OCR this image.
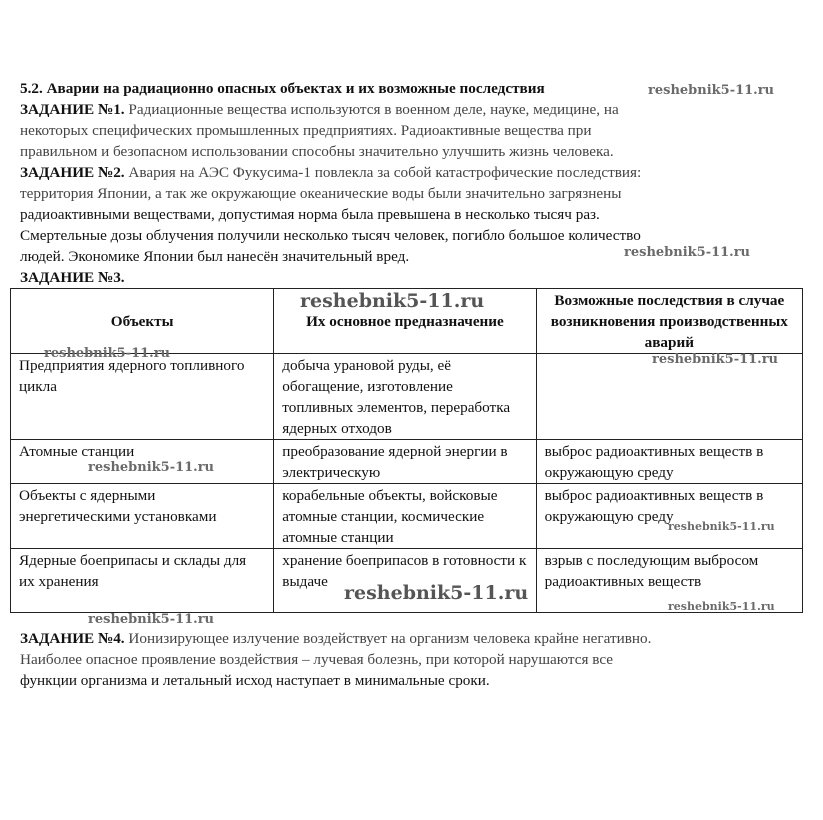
5.2. Аварии на радиационно опасных объектах и их возможные последствия
ЗАДАНИЕ №1. Радиационные вещества используются в военном деле, науке, медицине, на
некоторых специфических промышленных предприятиях. Радиоактивные вещества при
правильном и безопасном использовании способны значительно улучшить жизнь человека.
ЗАДАНИЕ №2. Авария на АЭС Фукусима-1 повлекла за собой катастрофические последствия:
территория Японии, а так же окружающие океанические воды были значительно загрязнены
радиоактивными веществами, допустимая норма была превышена в несколько тысяч раз.
Смертельные дозы облучения получили несколько тысяч человек, погибло большое количество
людей. Экономике Японии был нанесён значительный вред.
ЗАДАНИЕ №3.
Объекты	Их основное предназначение	Возможные последствия в случае возникновения производственных аварий
Предприятия ядерного топливного цикла	добыча урановой руды, её обогащение, изготовление топливных элементов, переработка ядерных отходов	
Атомные станции	преобразование ядерной энергии в электрическую	выброс радиоактивных веществ в окружающую среду
Объекты с ядерными энергетическими установками	корабельные объекты, войсковые атомные станции, космические атомные станции	выброс радиоактивных веществ в окружающую среду
Ядерные боеприпасы и склады для их хранения	хранение боеприпасов в готовности к выдаче	взрыв с последующим выбросом радиоактивных веществ
ЗАДАНИЕ №4. Ионизирующее излучение воздействует на организм человека крайне негативно.
Наиболее опасное проявление воздействия – лучевая болезнь, при которой нарушаются все
функции организма и летальный исход наступает в минимальные сроки.
reshebnik5-11.ru
reshebnik5-11.ru
reshebnik5-11.ru
reshebnik5-11.ru	reshebnik5-11.ru
reshebnik5-11.ru
reshebnik5-11.ru
reshebnik5-11.ru
reshebnik5-11.ru
reshebnik5-11.ru
